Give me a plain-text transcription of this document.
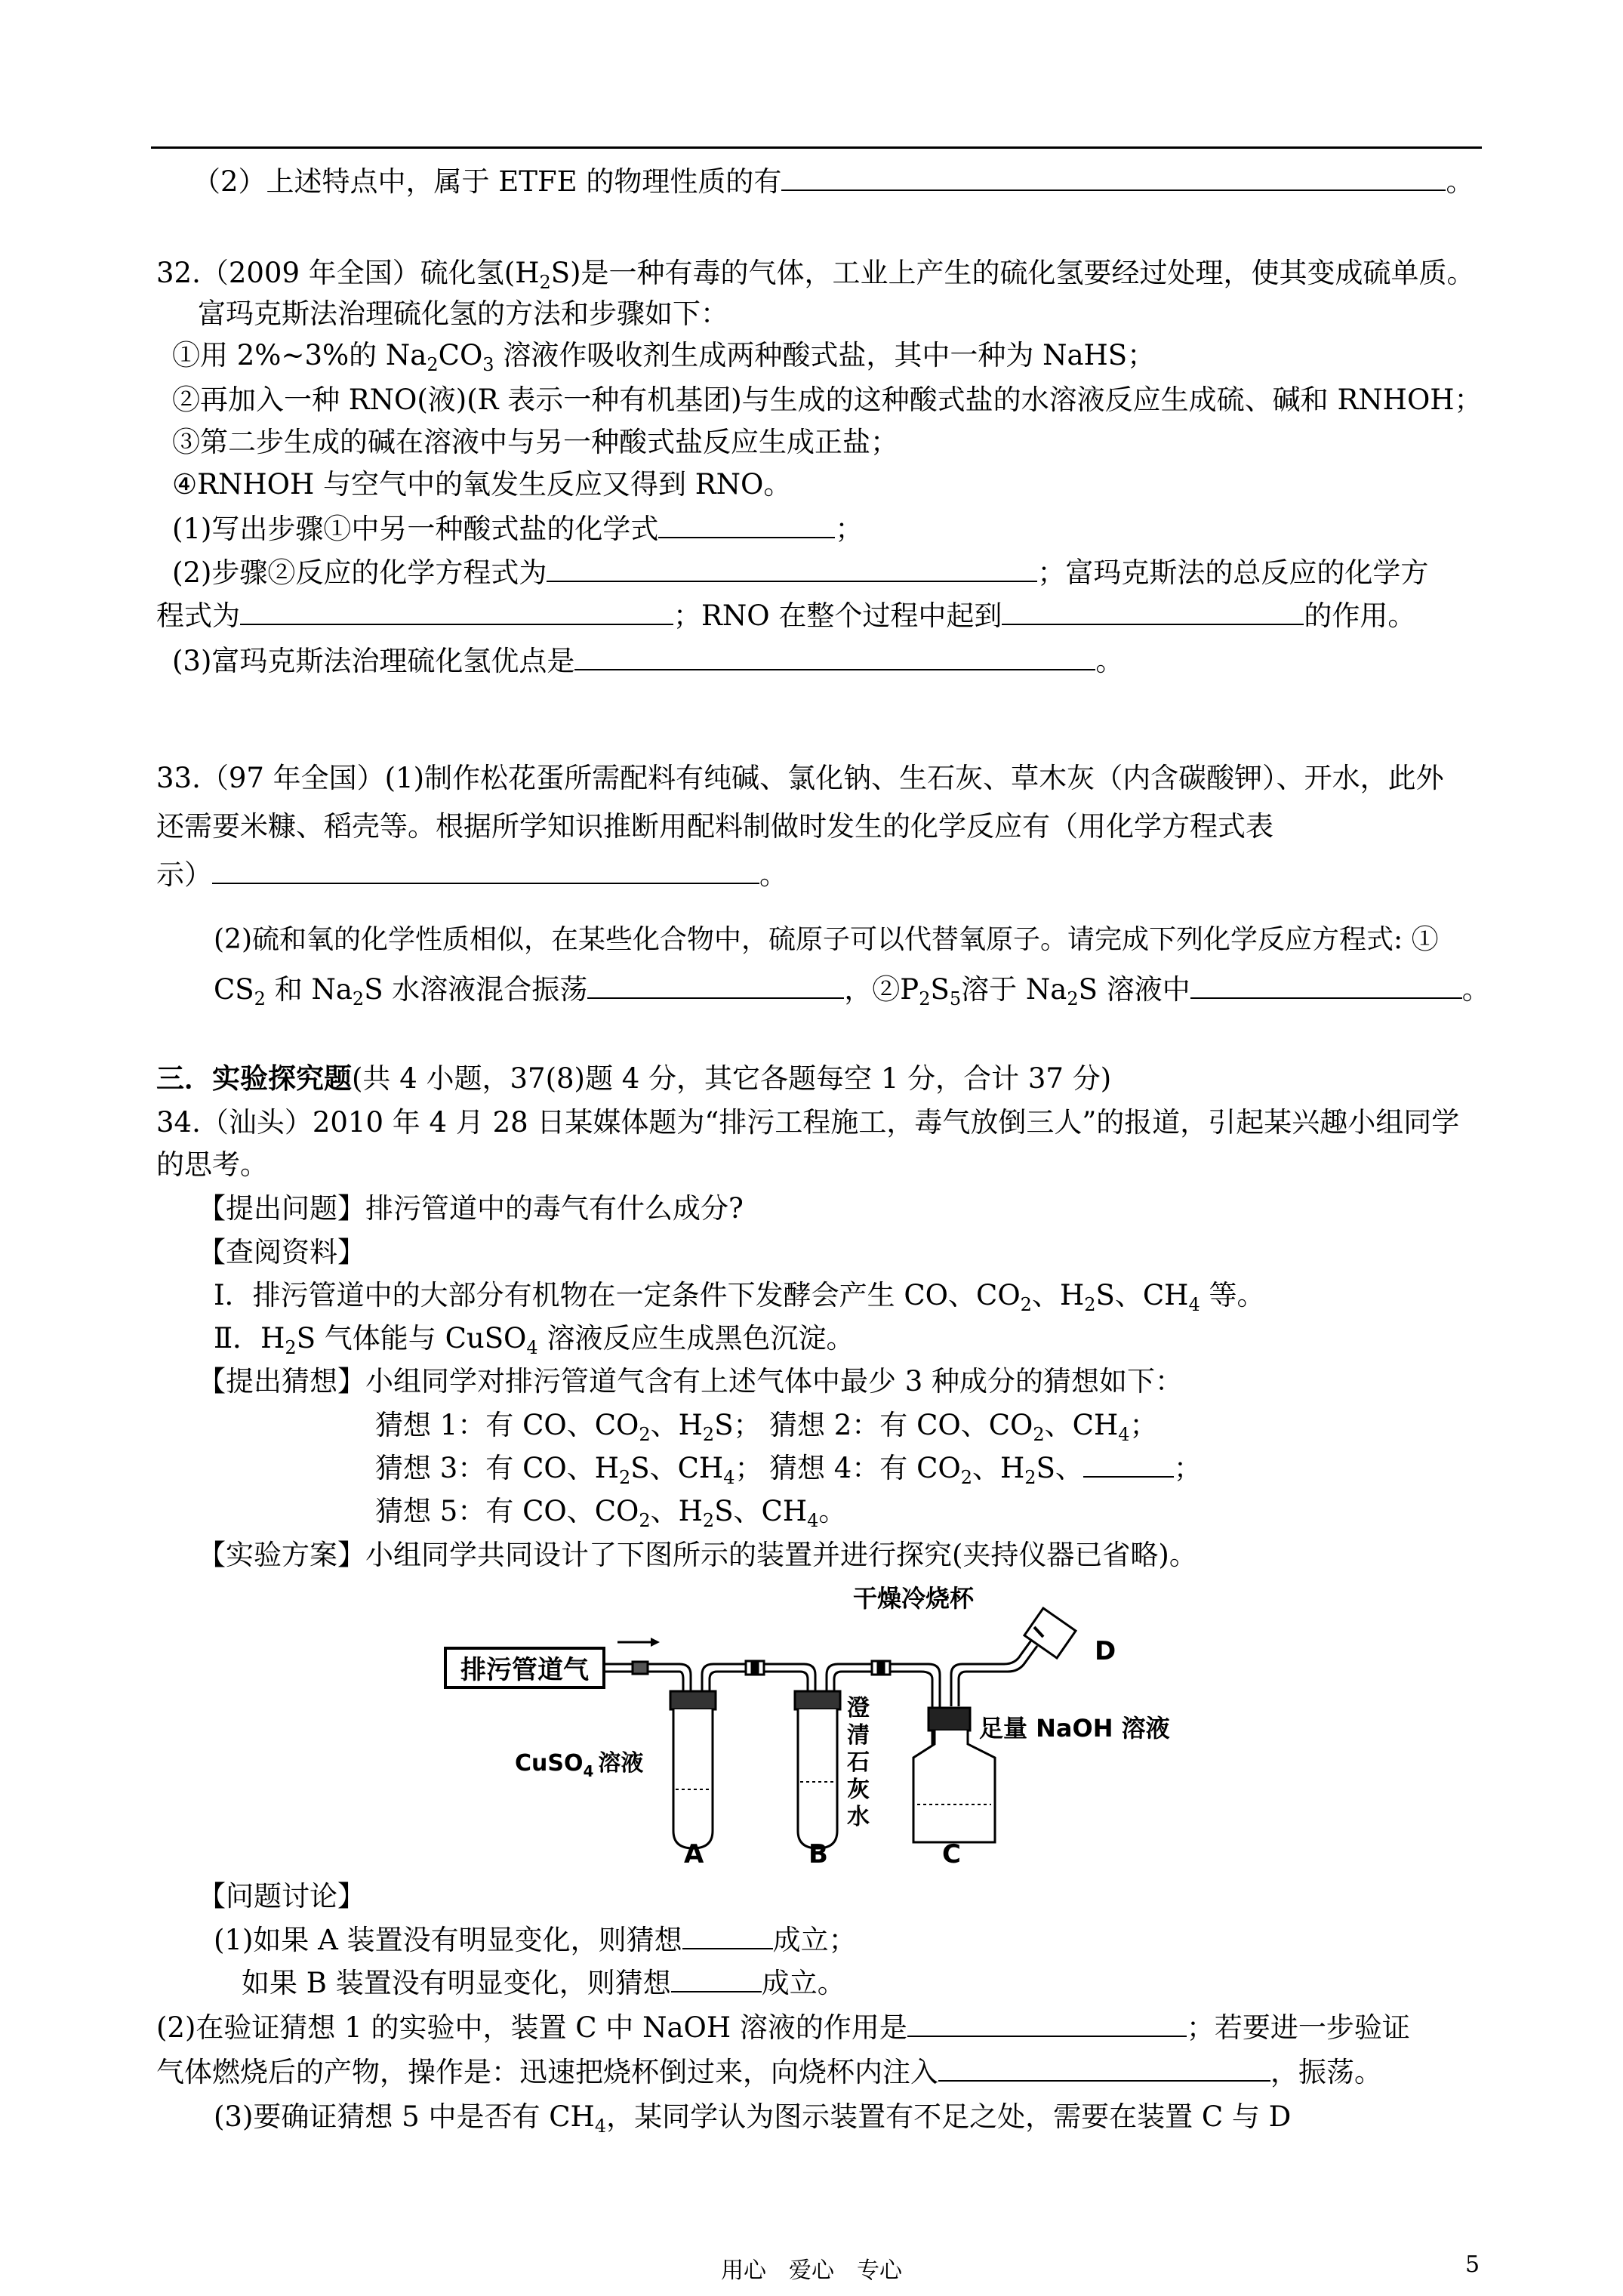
（2）上述特点中，属于 ETFE 的物理性质的有	。
32.（2009 年全国）硫化氢$(H_2S)$是一种有毒的气体，工业上产生的硫化氢要经过处理，使其变成硫单质。
富玛克斯法治理硫化氢的方法和步骤如下：
①用 2%~3%的 $Na_2CO_3$ 溶液作吸收剂生成两种酸式盐，其中一种为 NaHS；
②再加入一种 RNO(液)(R 表示一种有机基团)与生成的这种酸式盐的水溶液反应生成硫、碱和 RNHOH；
③第二步生成的碱在溶液中与另一种酸式盐反应生成正盐；
④RNHOH 与空气中的氧发生反应又得到 RNO。
(1)写出步骤①中另一种酸式盐的化学式	；
(2)步骤②反应的化学方程式为	；富玛克斯法的总反应的化学方
程式为	；RNO 在整个过程中起到	的作用。
(3)富玛克斯法治理硫化氢优点是	。
33.（97 年全国）(1)制作松花蛋所需配料有纯碱、氯化钠、生石灰、草木灰（内含碳酸钾）、开水，此外
还需要米糠、稻壳等。根据所学知识推断用配料制做时发生的化学反应有（用化学方程式表
示）	。
(2)硫和氧的化学性质相似，在某些化合物中，硫原子可以代替氧原子。请完成下列化学反应方程式: ①
$CS_2$ 和 $Na_2S$ 水溶液混合振荡	，$②P_2S_5$溶于 $Na_2S$ 溶液中	。
三．实验探究题(共 4 小题，37(8)题 4 分，其它各题每空 1 分，合计 37 分)
34.（汕头）2010 年 4 月 28 日某媒体题为“排污工程施工，毒气放倒三人”的报道，引起某兴趣小组同学
的思考。
【提出问题】排污管道中的毒气有什么成分?
【查阅资料】
I．排污管道中的大部分有机物在一定条件下发酵会产生 CO、$CO_2$、$H_2S$、$CH_4$ 等。
Ⅱ．$H_2S$ 气体能与 CuSO$_4$ 溶液反应生成黑色沉淀。
【提出猜想】小组同学对排污管道气含有上述气体中最少 3 种成分的猜想如下：
猜想 1：有 CO、$CO_2$、$H_2S$； 猜想 2：有 CO、$CO_2$、$CH_4$；
猜想 3：有 CO、$H_2S$、$CH_4$； 猜想 4：有 $CO_2$、$H_2S$、	；
猜想 5：有 CO、$CO_2$、$H_2S$、$CH_4$。
【实验方案】小组同学共同设计了下图所示的装置并进行探究(夹持仪器已省略)。
排污管道气
干燥冷烧杯
D
CuSO$_4$ 溶液
澄
清
石
灰
水
足量 NaOH 溶液
A	B	C
【问题讨论】
(1)如果 A 装置没有明显变化，则猜想	成立；
如果 B 装置没有明显变化，则猜想	成立。
(2)在验证猜想 1 的实验中，装置 C 中 NaOH 溶液的作用是	；若要进一步验证
气体燃烧后的产物，操作是：迅速把烧杯倒过来，向烧杯内注入	，振荡。
(3)要确证猜想 5 中是否有 $CH_4$，某同学认为图示装置有不足之处，需要在装置 C 与 D
用心　爱心　专心	5
